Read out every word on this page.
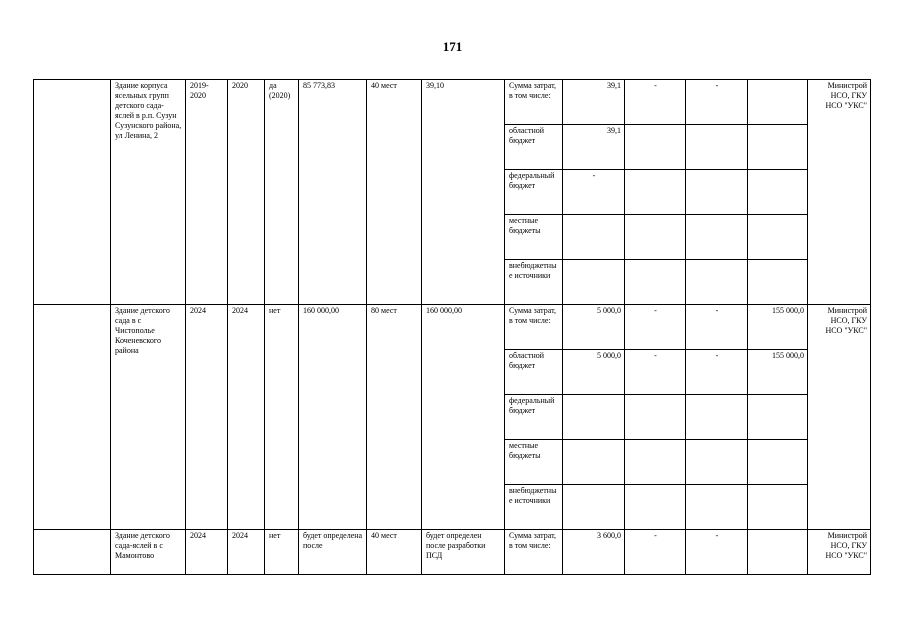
171
	Здание корпуса ясельных групп детского сада-яслей в р.п. Сузун Сузунского района, ул Ленина, 2	2019-2020	2020	да (2020)	85 773,83	40 мест	39,10	Сумма затрат, в том числе:	39,1	-	-		Министрой НСО, ГКУ НСО "УКС"
								областной бюджет	39,1				
								федеральный бюджет	-				
								местные бюджеты					
								внебюджетные источники					
	Здание детского сада в с Чистополье Коченевского района	2024	2024	нет	160 000,00	80 мест	160 000,00	Сумма затрат, в том числе:	5 000,0	-	-	155 000,0	Министрой НСО, ГКУ НСО "УКС"
								областной бюджет	5 000,0	-	-	155 000,0	
								федеральный бюджет					
								местные бюджеты					
								внебюджетные источники					
	Здание детского сада-яслей в с Мамонтово	2024	2024	нет	будет определена после	40 мест	будет определен после разработки ПСД	Сумма затрат, в том числе:	3 600,0	-	-		Министрой НСО, ГКУ НСО "УКС"
